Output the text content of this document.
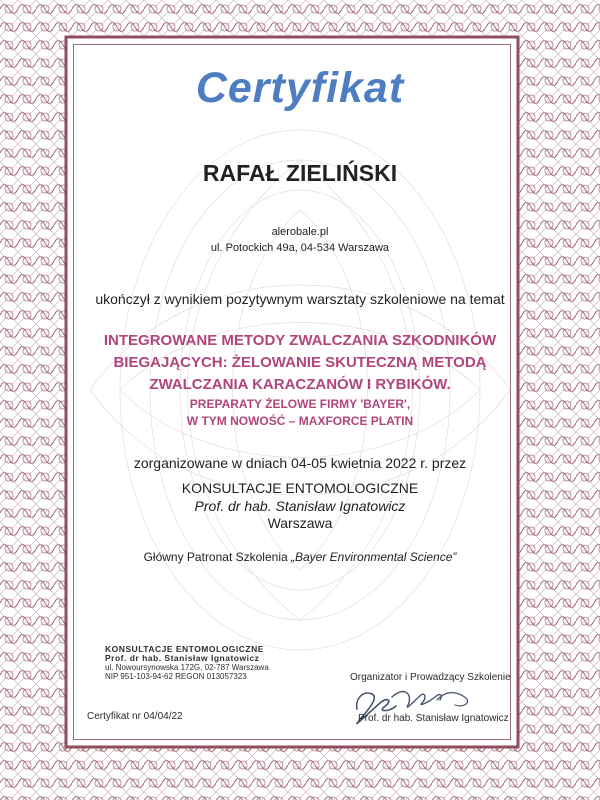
Certyfikat
RAFAŁ ZIELIŃSKI
alerobale.pl
ul. Potockich 49a, 04-534 Warszawa
ukończył z wynikiem pozytywnym warsztaty szkoleniowe na temat
INTEGROWANE METODY ZWALCZANIA SZKODNIKÓW
BIEGAJĄCYCH: ŻELOWANIE SKUTECZNĄ METODĄ
ZWALCZANIA KARACZANÓW I RYBIKÓW.
PREPARATY ŻELOWE FIRMY 'BAYER',
W TYM NOWOŚĆ – MAXFORCE PLATIN
zorganizowane w dniach 04-05 kwietnia 2022 r. przez
KONSULTACJE ENTOMOLOGICZNE
Prof. dr hab. Stanisław Ignatowicz
Warszawa
Główny Patronat Szkolenia „Bayer Environmental Science”
KONSULTACJE ENTOMOLOGICZNE
Prof. dr hab. Stanisław Ignatowicz
ul. Nowoursynowska 172G, 02-787 Warszawa
NIP 951-103-94-62 REGON 013057323
Certyfikat nr 04/04/22
Organizator i Prowadzący Szkolenie
Prof. dr hab. Stanisław Ignatowicz
